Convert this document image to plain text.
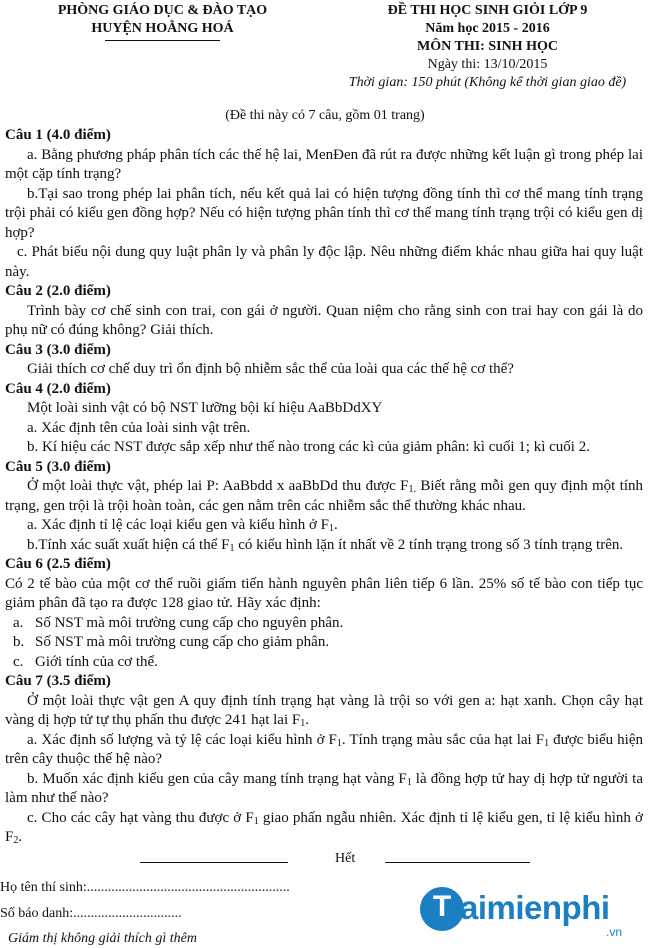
PHÒNG GIÁO DỤC & ĐÀO TẠO
HUYỆN HOẰNG HOÁ
ĐỀ THI HỌC SINH GIỎI LỚP 9
Năm học 2015 - 2016
MÔN THI: SINH HỌC
Ngày thi: 13/10/2015
Thời gian: 150 phút (Không kể thời gian giao đề)
(Đề thi này có 7 câu, gồm 01 trang)

Câu 1 (4.0 điểm)

a. Bằng phương pháp phân tích các thế hệ lai, MenĐen đã rút ra được những kết luận gì trong phép lai một cặp tính trạng?

b.Tại sao trong phép lai phân tích, nếu kết quả lai có hiện tượng đồng tính thì cơ thể mang tính trạng trội phải có kiểu gen đồng hợp? Nếu có hiện tượng phân tính thì cơ thể mang tính trạng trội có kiểu gen dị hợp?

c. Phát biểu nội dung quy luật phân ly và phân ly độc lập. Nêu những điểm khác nhau giữa hai quy luật này.

Câu 2 (2.0 điểm)

Trình bày cơ chế sinh con trai, con gái ở người. Quan niệm cho rằng sinh con trai hay con gái là do phụ nữ có đúng không? Giải thích.

Câu 3 (3.0 điểm)

Giải thích cơ chế duy trì ổn định bộ nhiễm sắc thể của loài qua các thế hệ cơ thể?

Câu 4 (2.0 điểm)

Một loài sinh vật có bộ NST lưỡng bội kí hiệu AaBbDdXY

a. Xác định tên của loài sinh vật trên.

b. Kí hiệu các NST được sắp xếp như thế nào trong các kì của giảm phân: kì cuối 1; kì cuối 2.

Câu 5 (3.0 điểm)

Ở một loài thực vật, phép lai P: AaBbdd x aaBbDd thu được $F_{1.}$ Biết rằng mỗi gen quy định một tính trạng, gen trội là trội hoàn toàn, các gen nằm trên các nhiễm sắc thể thường khác nhau.

a. Xác định tỉ lệ các loại kiểu gen và kiểu hình ở $F_1$.

b.Tính xác suất xuất hiện cá thể $F_1$ có kiểu hình lặn ít nhất về 2 tính trạng trong số 3 tính trạng trên.

Câu 6 (2.5 điểm)

Có 2 tế bào của một cơ thể ruồi giấm tiến hành nguyên phân liên tiếp 6 lần. 25% số tế bào con tiếp tục giảm phân đã tạo ra được 128 giao tử. Hãy xác định:

a. Số NST mà môi trường cung cấp cho nguyên phân.
b. Số NST mà môi trường cung cấp cho giảm phân.
c. Giới tính của cơ thể.

Câu 7 (3.5 điểm)

Ở một loài thực vật gen A quy định tính trạng hạt vàng là trội so với gen a: hạt xanh. Chọn cây hạt vàng dị hợp tử tự thụ phấn thu được 241 hạt lai $F_1$.

a. Xác định số lượng và tỷ lệ các loại kiểu hình ở $F_1$. Tính trạng màu sắc của hạt lai $F_1$ được biểu hiện trên cây thuộc thế hệ nào?

b. Muốn xác định kiểu gen của cây mang tính trạng hạt vàng $F_1$ là đồng hợp tử hay dị hợp tử người ta làm như thế nào?

c. Cho các cây hạt vàng thu được ở $F_1$ giao phấn ngẫu nhiên. Xác định tỉ lệ kiểu gen, tỉ lệ kiểu hình ở $F_2$.

Hết
Họ tên thí sinh:..........................................................
Số báo danh:...............................
Giám thị không giải thích gì thêm
T aimienphi
.vn
